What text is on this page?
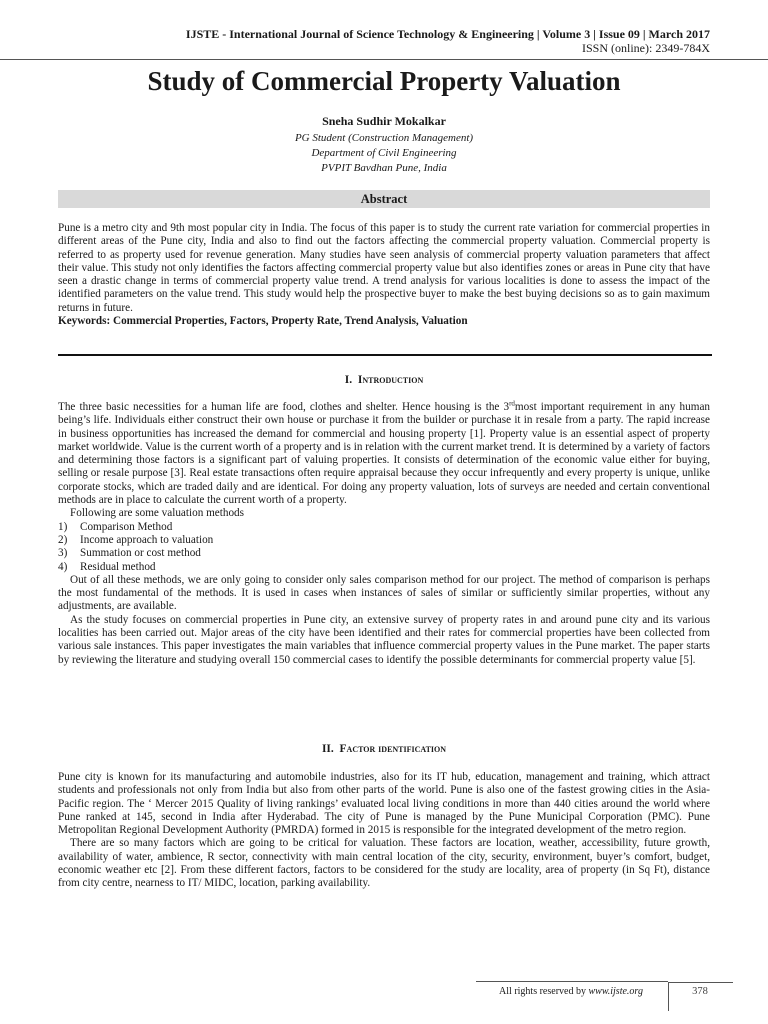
IJSTE - International Journal of Science Technology & Engineering | Volume 3 | Issue 09 | March 2017
ISSN (online): 2349-784X
Study of Commercial Property Valuation
Sneha Sudhir Mokalkar
PG Student (Construction Management)
Department of Civil Engineering
PVPIT Bavdhan Pune, India
Abstract

Pune is a metro city and 9th most popular city in India. The focus of this paper is to study the current rate variation for commercial properties in different areas of the Pune city, India and also to find out the factors affecting the commercial property valuation. Commercial property is referred to as property used for revenue generation. Many studies have seen analysis of commercial property valuation parameters that affect their value. This study not only identifies the factors affecting commercial property value but also identifies zones or areas in Pune city that have seen a drastic change in terms of commercial property value trend. A trend analysis for various localities is done to assess the impact of the identified parameters on the value trend. This study would help the prospective buyer to make the best buying decisions so as to gain maximum returns in future.

Keywords: Commercial Properties, Factors, Property Rate, Trend Analysis, Valuation

I. Introduction

The three basic necessities for a human life are food, clothes and shelter. Hence housing is the 3rdmost important requirement in any human being’s life. Individuals either construct their own house or purchase it from the builder or purchase it in resale from a party. The rapid increase in business opportunities has increased the demand for commercial and housing property [1]. Property value is an essential aspect of property market worldwide. Value is the current worth of a property and is in relation with the current market trend. It is determined by a variety of factors and determining those factors is a significant part of valuing properties. It consists of determination of the economic value either for buying, selling or resale purpose [3]. Real estate transactions often require appraisal because they occur infrequently and every property is unique, unlike corporate stocks, which are traded daily and are identical. For doing any property valuation, lots of surveys are needed and certain conventional methods are in place to calculate the current worth of a property.

Following are some valuation methods

1) Comparison Method
2) Income approach to valuation
3) Summation or cost method
4) Residual method

Out of all these methods, we are only going to consider only sales comparison method for our project. The method of comparison is perhaps the most fundamental of the methods. It is used in cases when instances of sales of similar or sufficiently similar properties, without any adjustments, are available.

As the study focuses on commercial properties in Pune city, an extensive survey of property rates in and around pune city and its various localities has been carried out. Major areas of the city have been identified and their rates for commercial properties have been collected from various sale instances. This paper investigates the main variables that influence commercial property values in the Pune market. The paper starts by reviewing the literature and studying overall 150 commercial cases to identify the possible determinants for commercial property value [5].

II. Factor identification

Pune city is known for its manufacturing and automobile industries, also for its IT hub, education, management and training, which attract students and professionals not only from India but also from other parts of the world. Pune is also one of the fastest growing cities in the Asia- Pacific region. The ‘ Mercer 2015 Quality of living rankings’ evaluated local living conditions in more than 440 cities around the world where Pune ranked at 145, second in India after Hyderabad. The city of Pune is managed by the Pune Municipal Corporation (PMC). Pune Metropolitan Regional Development Authority (PMRDA) formed in 2015 is responsible for the integrated development of the metro region.

There are so many factors which are going to be critical for valuation. These factors are location, weather, accessibility, future growth, availability of water, ambience, R sector, connectivity with main central location of the city, security, environment, buyer’s comfort, budget, economic weather etc [2]. From these different factors, factors to be considered for the study are locality, area of property (in Sq Ft), distance from city centre, nearness to IT/ MIDC, location, parking availability.

All rights reserved by www.ijste.org	378
